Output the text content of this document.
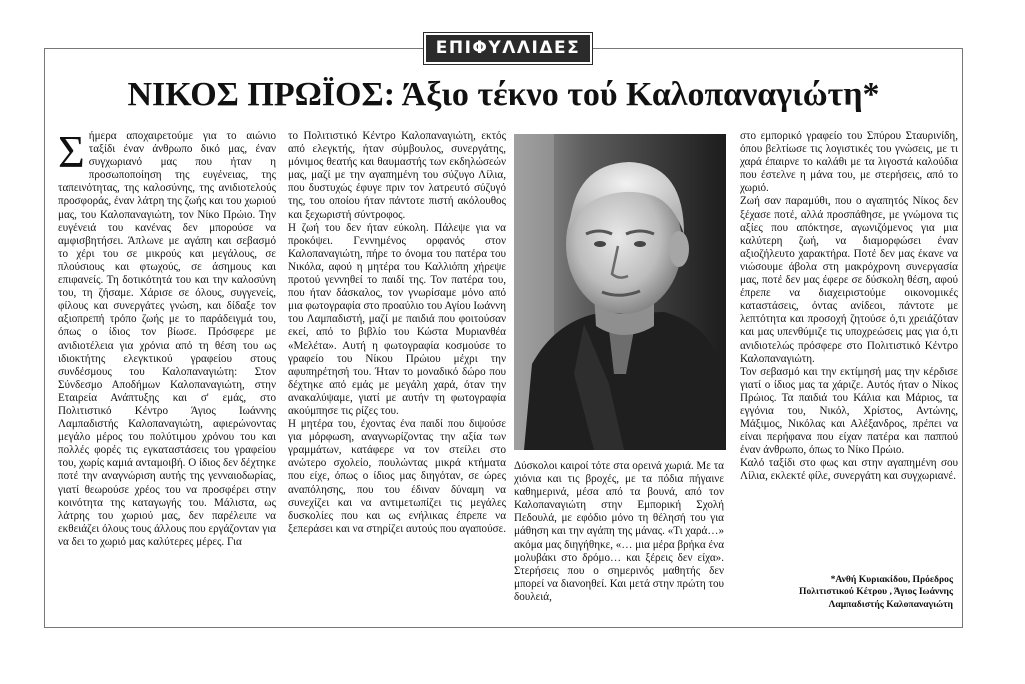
ΕΠΙΦΥΛΛΙΔΕΣ
ΝΙΚΟΣ ΠΡΩΪΟΣ: Άξιο τέκνο τού Καλοπαναγιώτη*
Σ ήμερα αποχαιρετούμε για το αιώνιο ταξίδι έναν άνθρωπο δικό μας, έναν συγχωριανό μας που ήταν η προσωποποίηση της ευγένειας, της ταπεινότητας, της καλοσύνης, της ανιδιοτελούς προσφοράς, έναν λάτρη της ζωής και του χωριού μας, του Καλοπαναγιώτη, τον Νίκο Πρώιο. Την ευγένειά του κανένας δεν μπορούσε να αμφισβητήσει. Άπλωνε με αγάπη και σεβασμό το χέρι του σε μικρούς και μεγάλους, σε πλούσιους και φτωχούς, σε άσημους και επιφανείς. Τη δοτικότητά του και την καλοσύνη του, τη ζήσαμε. Χάρισε σε όλους, συγγενείς, φίλους και συνεργάτες γνώση, και δίδαξε τον αξιοπρεπή τρόπο ζωής με το παράδειγμά του, όπως ο ίδιος τον βίωσε. Πρόσφερε με ανιδιοτέλεια για χρόνια από τη θέση του ως ιδιοκτήτης ελεγκτικού γραφείου στους συνδέσμους του Καλοπαναγιώτη: Στον Σύνδεσμο Αποδήμων Καλοπαναγιώτη, στην Εταιρεία Ανάπτυξης και σ' εμάς, στο Πολιτιστικό Κέντρο Άγιος Ιωάννης Λαμπαδιστής Καλοπαναγιώτη, αφιερώνοντας μεγάλο μέρος του πολύτιμου χρόνου του και πολλές φορές τις εγκαταστάσεις του γραφείου του, χωρίς καμιά ανταμοιβή. Ο ίδιος δεν δέχτηκε ποτέ την αναγνώριση αυτής της γενναιοδωρίας, γιατί θεωρούσε χρέος του να προσφέρει στην κοινότητα της καταγωγής του. Μάλιστα, ως λάτρης του χωριού μας, δεν παρέλειπε να εκθειάζει όλους τους άλλους που εργάζονταν για να δει το χωριό μας καλύτερες μέρες. Για

το Πολιτιστικό Κέντρο Καλοπαναγιώτη, εκτός από ελεγκτής, ήταν σύμβουλος, συνεργάτης, μόνιμος θεατής και θαυμαστής των εκδηλώσεών μας, μαζί με την αγαπημένη του σύζυγο Λίλια, που δυστυχώς έφυγε πριν τον λατρευτό σύζυγό της, του οποίου ήταν πάντοτε πιστή ακόλουθος και ξεχωριστή σύντροφος.

Η ζωή του δεν ήταν εύκολη. Πάλεψε για να προκόψει. Γεννημένος ορφανός στον Καλοπαναγιώτη, πήρε το όνομα του πατέρα του Νικόλα, αφού η μητέρα του Καλλιόπη χήρεψε προτού γεννηθεί το παιδί της. Τον πατέρα του, που ήταν δάσκαλος, τον γνωρίσαμε μόνο από μια φωτογραφία στο προαύλιο του Αγίου Ιωάννη του Λαμπαδιστή, μαζί με παιδιά που φοιτούσαν εκεί, από το βιβλίο του Κώστα Μυριανθέα «Μελέτα». Αυτή η φωτογραφία κοσμούσε το γραφείο του Νίκου Πρώιου μέχρι την αφυπηρέτησή του. Ήταν το μοναδικό δώρο που δέχτηκε από εμάς με μεγάλη χαρά, όταν την ανακαλύψαμε, γιατί με αυτήν τη φωτογραφία ακούμπησε τις ρίζες του.

Η μητέρα του, έχοντας ένα παιδί που διψούσε για μόρφωση, αναγνωρίζοντας την αξία των γραμμάτων, κατάφερε να τον στείλει στο ανώτερο σχολείο, πουλώντας μικρά κτήματα που είχε, όπως ο ίδιος μας διηγόταν, σε ώρες αναπόλησης, που του έδιναν δύναμη να συνεχίζει και να αντιμετωπίζει τις μεγάλες δυσκολίες που και ως ενήλικας έπρεπε να ξεπεράσει και να στηρίζει αυτούς που αγαπούσε.

Δύσκολοι καιροί τότε στα ορεινά χωριά. Με τα χιόνια και τις βροχές, με τα πόδια πήγαινε καθημερινά, μέσα από τα βουνά, από τον Καλοπαναγιώτη στην Εμπορική Σχολή Πεδουλά, με εφόδιο μόνο τη θέλησή του για μάθηση και την αγάπη της μάνας. «Τι χαρά…» ακόμα μας διηγήθηκε, «… μια μέρα βρήκα ένα μολυβάκι στο δρόμο… και ξέρεις δεν είχα». Στερήσεις που ο σημερινός μαθητής δεν μπορεί να διανοηθεί. Και μετά στην πρώτη του δουλειά,

στο εμπορικό γραφείο του Σπύρου Σταυρινίδη, όπου βελτίωσε τις λογιστικές του γνώσεις, με τι χαρά έπαιρνε το καλάθι με τα λιγοστά καλούδια που έστελνε η μάνα του, με στερήσεις, από το χωριό.

Ζωή σαν παραμύθι, που ο αγαπητός Νίκος δεν ξέχασε ποτέ, αλλά προσπάθησε, με γνώμονα τις αξίες που απόκτησε, αγωνιζόμενος για μια καλύτερη ζωή, να διαμορφώσει έναν αξιοζήλευτο χαρακτήρα. Ποτέ δεν μας έκανε να νιώσουμε άβολα στη μακρόχρονη συνεργασία μας, ποτέ δεν μας έφερε σε δύσκολη θέση, αφού έπρεπε να διαχειριστούμε οικονομικές καταστάσεις, όντας ανίδεοι, πάντοτε με λεπτότητα και προσοχή ζητούσε ό,τι χρειάζόταν και μας υπενθύμιζε τις υποχρεώσεις μας για ό,τι ανιδιοτελώς πρόσφερε στο Πολιτιστικό Κέντρο Καλοπαναγιώτη.

Τον σεβασμό και την εκτίμησή μας την κέρδισε γιατί ο ίδιος μας τα χάριζε. Αυτός ήταν ο Νίκος Πρώιος. Τα παιδιά του Κάλια και Μάριος, τα εγγόνια του, Νικόλ, Χρίστος, Αντώνης, Μάξιμος, Νικόλας και Αλέξανδρος, πρέπει να είναι περήφανα που είχαν πατέρα και παππού έναν άνθρωπο, όπως το Νίκο Πρώιο.

Καλό ταξίδι στο φως και στην αγαπημένη σου Λίλια, εκλεκτέ φίλε, συνεργάτη και συγχωριανέ.

*Ανθή Κυριακίδου, Πρόεδρος
Πολιτιστικού Κέτρου , Άγιος Ιωάννης
Λαμπαδιστής Καλοπαναγιώτη
